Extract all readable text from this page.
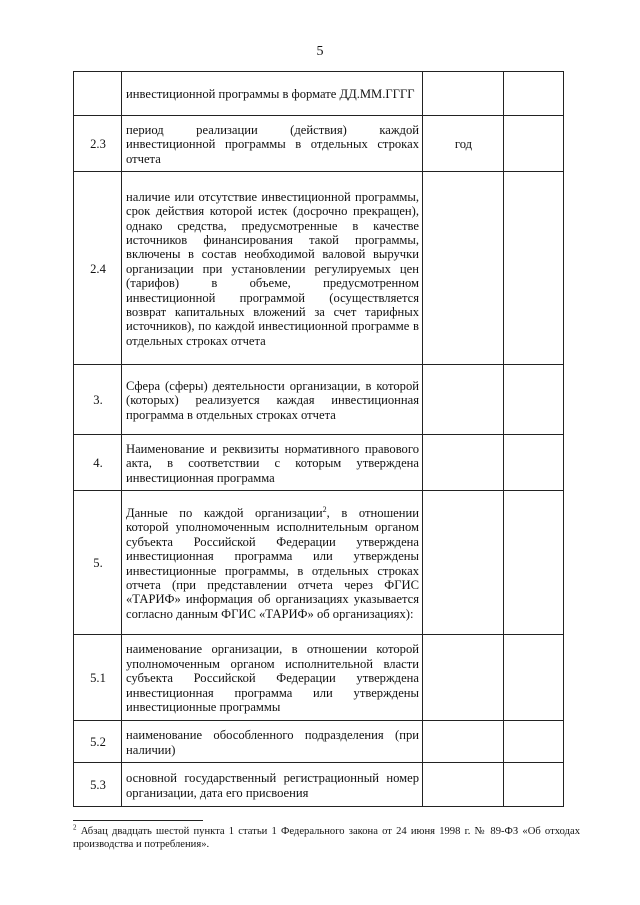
5
	инвестиционной программы в формате ДД.ММ.ГГГГ		
2.3	период реализации (действия) каждой инвестиционной программы в отдельных строках отчета	год	
2.4	наличие или отсутствие инвестиционной программы, срок действия которой истек (досрочно прекращен), однако средства, предусмотренные в качестве источников финансирования такой программы, включены в состав необходимой валовой выручки организации при установлении регулируемых цен (тарифов) в объеме, предусмотренном инвестиционной программой (осуществляется возврат капитальных вложений за счет тарифных источников), по каждой инвестиционной программе в отдельных строках отчета		
3.	Сфера (сферы) деятельности организации, в которой (которых) реализуется каждая инвестиционная программа в отдельных строках отчета		
4.	Наименование и реквизиты нормативного правового акта, в соответствии с которым утверждена инвестиционная программа		
5.	Данные по каждой организации$^2$, в отношении которой уполномоченным исполнительным органом субъекта Российской Федерации утверждена инвестиционная программа или утверждены инвестиционные программы, в отдельных строках отчета (при представлении отчета через ФГИС «ТАРИФ» информация об организациях указывается согласно данным ФГИС «ТАРИФ» об организациях):		
5.1	наименование организации, в отношении которой уполномоченным органом исполнительной власти субъекта Российской Федерации утверждена инвестиционная программа или утверждены инвестиционные программы		
5.2	наименование обособленного подразделения (при наличии)		
5.3	основной государственный регистрационный номер организации, дата его присвоения		
$^2$ Абзац двадцать шестой пункта 1 статьи 1 Федерального закона от 24 июня 1998 г. № 89-ФЗ «Об отходах производства и потребления».
